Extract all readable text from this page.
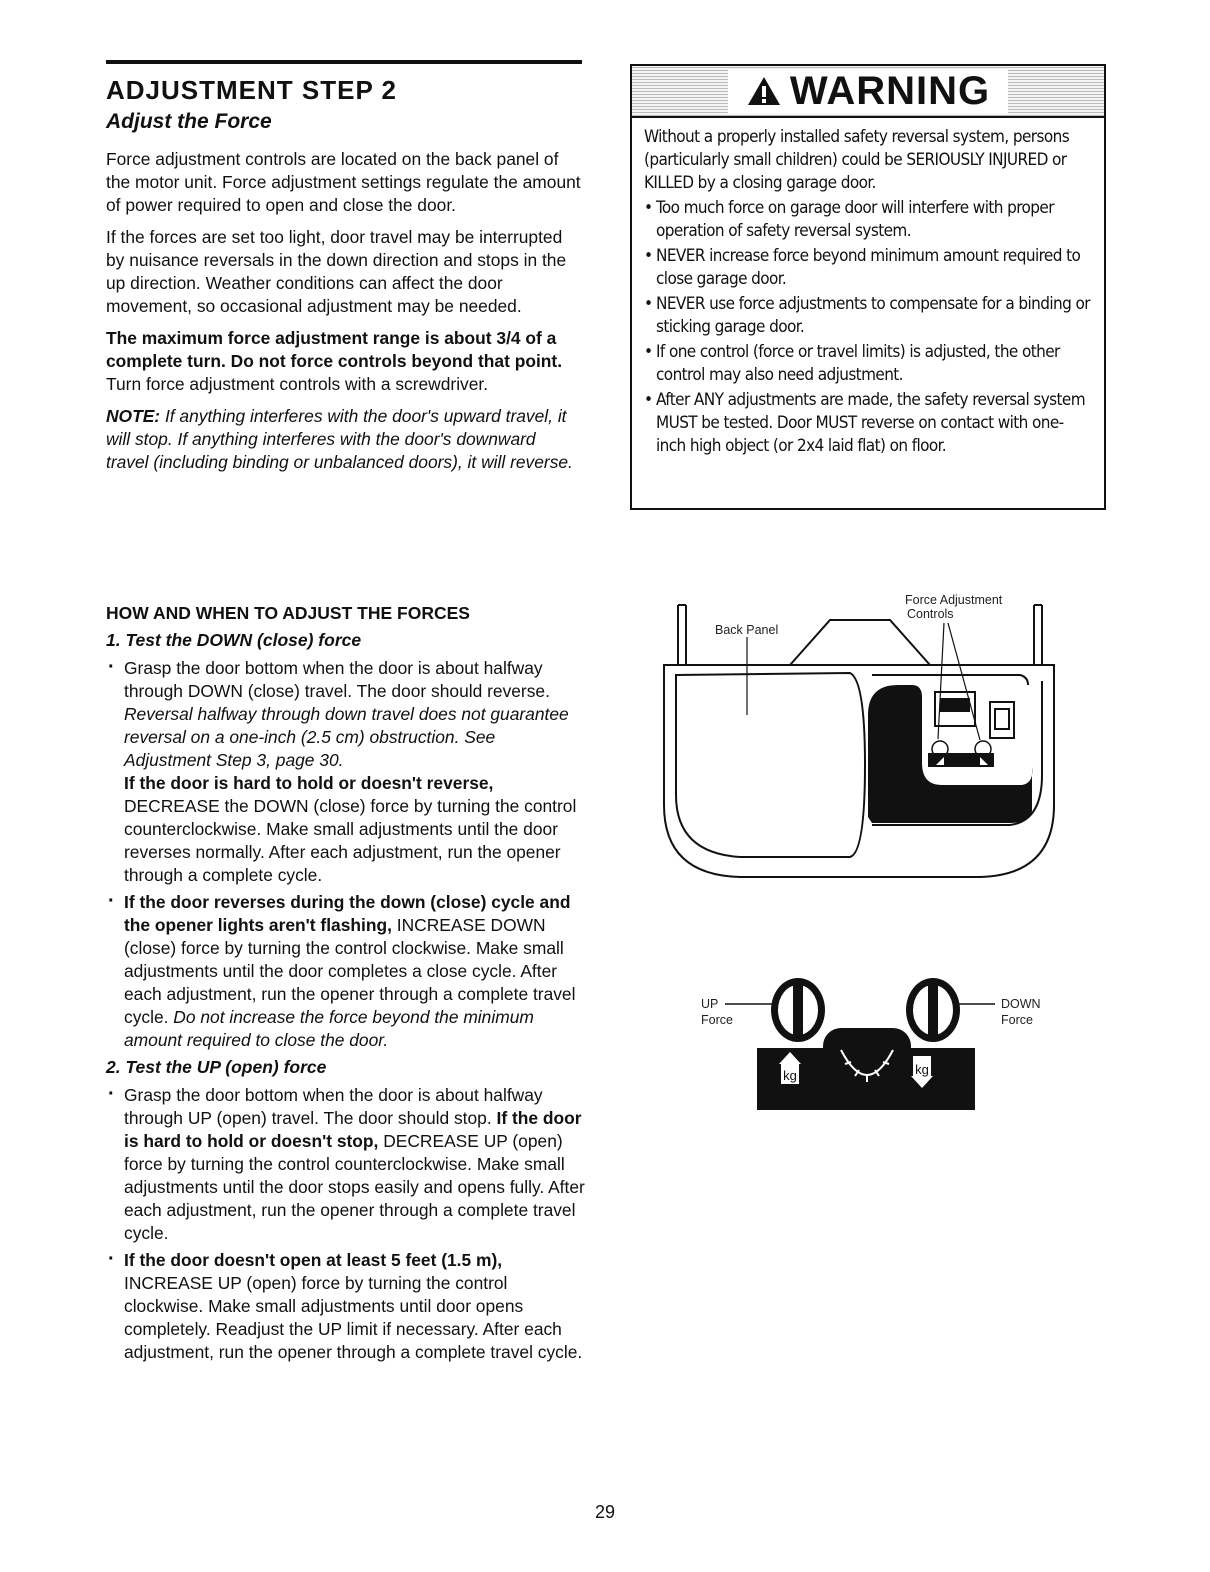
ADJUSTMENT STEP 2
Adjust the Force

Force adjustment controls are located on the back panel of the motor unit. Force adjustment settings regulate the amount of power required to open and close the door.

If the forces are set too light, door travel may be interrupted by nuisance reversals in the down direction and stops in the up direction. Weather conditions can affect the door movement, so occasional adjustment may be needed.

The maximum force adjustment range is about 3/4 of a complete turn. Do not force controls beyond that point. Turn force adjustment controls with a screwdriver.

NOTE: If anything interferes with the door's upward travel, it will stop. If anything interferes with the door's downward travel (including binding or unbalanced doors), it will reverse.

HOW AND WHEN TO ADJUST THE FORCES
1. Test the DOWN (close) force
· Grasp the door bottom when the door is about halfway through DOWN (close) travel. The door should reverse. Reversal halfway through down travel does not guarantee reversal on a one-inch (2.5 cm) obstruction. See Adjustment Step 3, page 30.
If the door is hard to hold or doesn't reverse,
DECREASE the DOWN (close) force by turning the control counterclockwise. Make small adjustments until the door reverses normally. After each adjustment, run the opener through a complete cycle.
· If the door reverses during the down (close) cycle and the opener lights aren't flashing, INCREASE DOWN (close) force by turning the control clockwise. Make small adjustments until the door completes a close cycle. After each adjustment, run the opener through a complete travel cycle. Do not increase the force beyond the minimum amount required to close the door.
2. Test the UP (open) force
· Grasp the door bottom when the door is about halfway through UP (open) travel. The door should stop. If the door is hard to hold or doesn't stop, DECREASE UP (open) force by turning the control counterclockwise. Make small adjustments until the door stops easily and opens fully. After each adjustment, run the opener through a complete travel cycle.
· If the door doesn't open at least 5 feet (1.5 m), INCREASE UP (open) force by turning the control clockwise. Make small adjustments until door opens completely. Readjust the UP limit if necessary. After each adjustment, run the opener through a complete travel cycle.
WARNING

Without a properly installed safety reversal system, persons (particularly small children) could be SERIOUSLY INJURED or KILLED by a closing garage door.

• Too much force on garage door will interfere with proper operation of safety reversal system.
• NEVER increase force beyond minimum amount required to close garage door.
• NEVER use force adjustments to compensate for a binding or sticking garage door.
• If one control (force or travel limits) is adjusted, the other control may also need adjustment.
• After ANY adjustments are made, the safety reversal system MUST be tested. Door MUST reverse on contact with one-inch high object (or 2x4 laid flat) on floor.
Force Adjustment
Controls
Back Panel
UP
Force
DOWN
Force
kg	kg
29
